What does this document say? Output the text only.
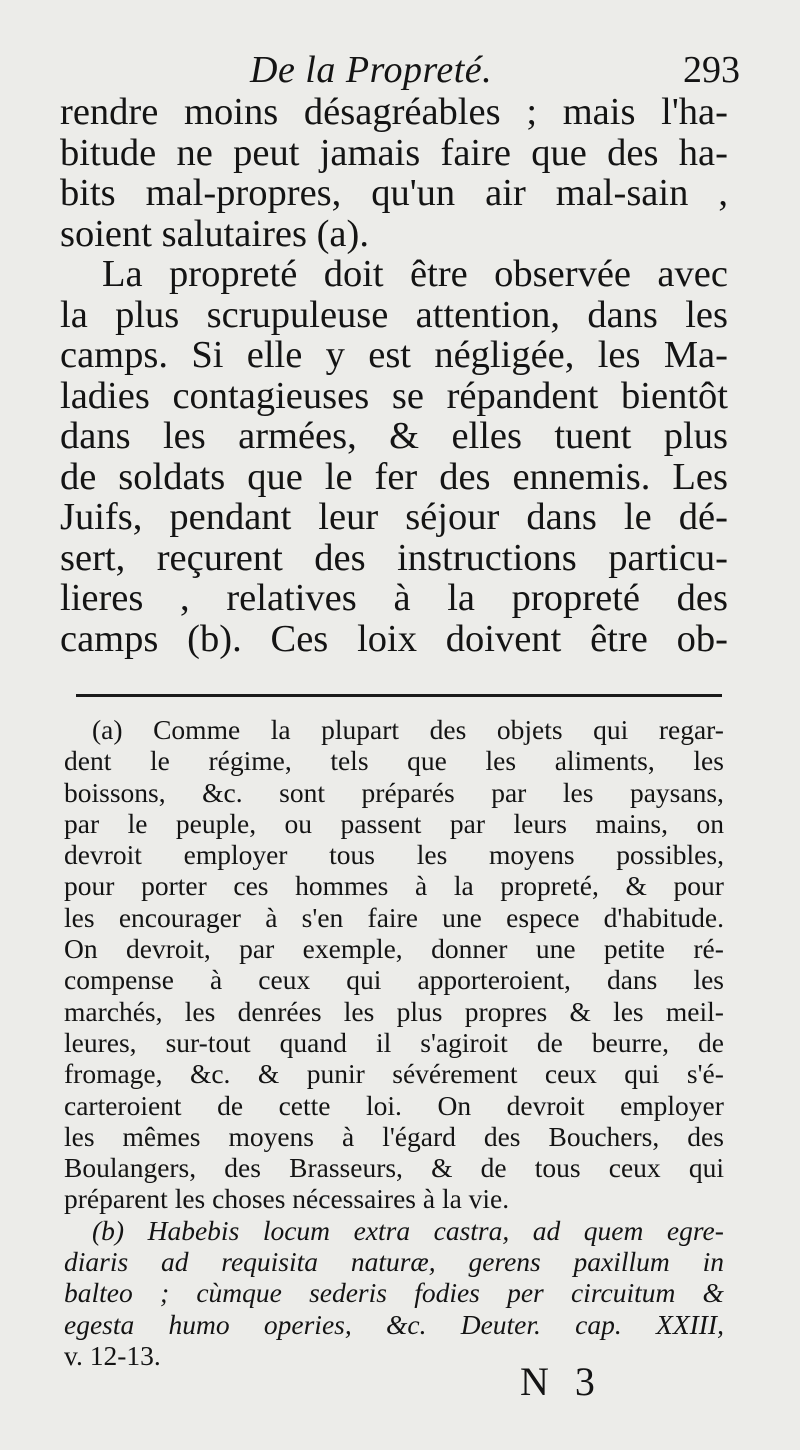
De la Propreté.	293
rendre moins désagréables ; mais l'ha-
bitude ne peut jamais faire que des ha-
bits mal-propres, qu'un air mal-sain ,
soient salutaires (a).
La propreté doit être observée avec
la plus scrupuleuse attention, dans les
camps. Si elle y est négligée, les Ma-
ladies contagieuses se répandent bientôt
dans les armées, & elles tuent plus
de soldats que le fer des ennemis. Les
Juifs, pendant leur séjour dans le dé-
sert, reçurent des instructions particu-
lieres , relatives à la propreté des
camps (b). Ces loix doivent être ob-
(a) Comme la plupart des objets qui regar-
dent le régime, tels que les aliments, les
boissons, &c. sont préparés par les paysans,
par le peuple, ou passent par leurs mains, on
devroit employer tous les moyens possibles,
pour porter ces hommes à la propreté, & pour
les encourager à s'en faire une espece d'habitude.
On devroit, par exemple, donner une petite ré-
compense à ceux qui apporteroient, dans les
marchés, les denrées les plus propres & les meil-
leures, sur-tout quand il s'agiroit de beurre, de
fromage, &c. & punir sévérement ceux qui s'é-
carteroient de cette loi. On devroit employer
les mêmes moyens à l'égard des Bouchers, des
Boulangers, des Brasseurs, & de tous ceux qui
préparent les choses nécessaires à la vie.
(b) Habebis locum extra castra, ad quem egre-
diaris ad requisita naturæ, gerens paxillum in
balteo ; cùmque sederis fodies per circuitum &
egesta humo operies, &c. Deuter. cap. XXIII,
v. 12-13.
N 3
